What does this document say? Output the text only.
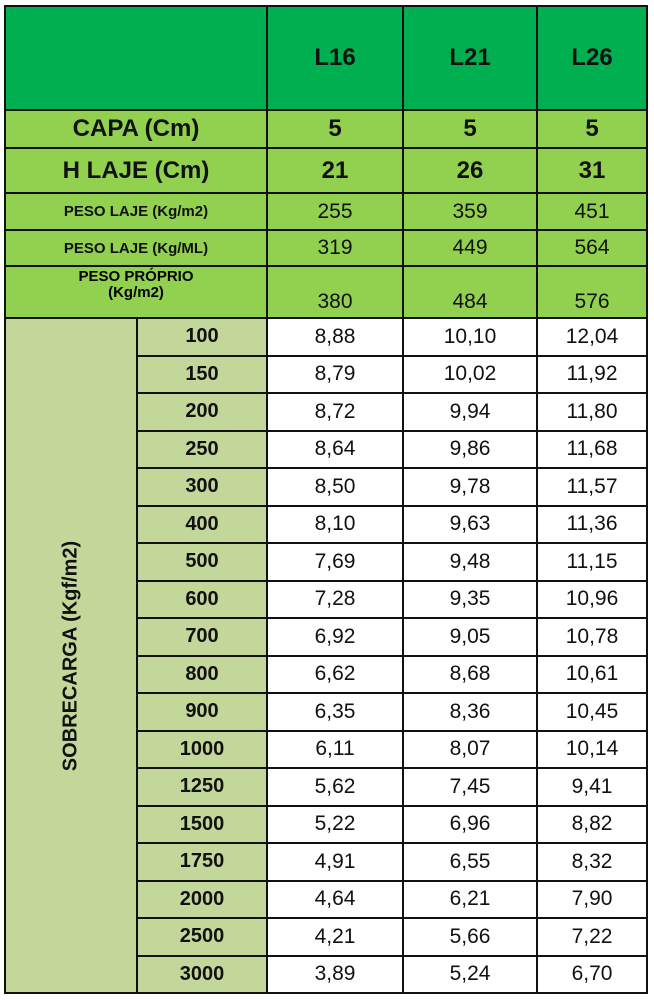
		L16	L21	L26
CAPA (Cm)		5	5	5
H LAJE (Cm)		21	26	31
PESO LAJE (Kg/m2)		255	359	451
PESO LAJE (Kg/ML)		319	449	564

PESO PRÓPRIO
(Kg/m2)		380	484	576

SOBRECARGA (Kgf/m2)	100	8,88	10,10	12,04
	150	8,79	10,02	11,92
	200	8,72	9,94	11,80
	250	8,64	9,86	11,68
	300	8,50	9,78	11,57
	400	8,10	9,63	11,36
	500	7,69	9,48	11,15
	600	7,28	9,35	10,96
	700	6,92	9,05	10,78
	800	6,62	8,68	10,61
	900	6,35	8,36	10,45
	1000	6,11	8,07	10,14
	1250	5,62	7,45	9,41
	1500	5,22	6,96	8,82
	1750	4,91	6,55	8,32
	2000	4,64	6,21	7,90
	2500	4,21	5,66	7,22
	3000	3,89	5,24	6,70
